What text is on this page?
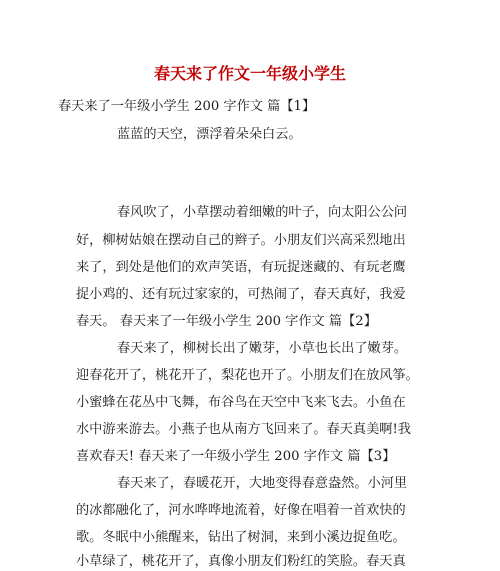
春天来了作文一年级小学生
春天来了一年级小学生 200 字作文 篇【1】
蓝蓝的天空，漂浮着朵朵白云。
春风吹了，小草摆动着细嫩的叶子，向太阳公公问
好，柳树姑娘在摆动自己的辫子。小朋友们兴高采烈地出
来了，到处是他们的欢声笑语，有玩捉迷藏的、有玩老鹰
捉小鸡的、还有玩过家家的，可热闹了，春天真好，我爱
春天。 春天来了一年级小学生 200 字作文 篇【2】
春天来了，柳树长出了嫩芽，小草也长出了嫩芽。
迎春花开了，桃花开了，梨花也开了。小朋友们在放风筝。
小蜜蜂在花丛中飞舞，布谷鸟在天空中飞来飞去。小鱼在
水中游来游去。小燕子也从南方飞回来了。春天真美啊!我
喜欢春天! 春天来了一年级小学生 200 字作文 篇【3】
春天来了，春暖花开，大地变得春意盎然。小河里
的冰都融化了，河水哗哗地流着，好像在唱着一首欢快的
歌。冬眠中小熊醒来，钻出了树洞，来到小溪边捉鱼吃。
小草绿了，桃花开了，真像小朋友们粉红的笑脸。春天真
